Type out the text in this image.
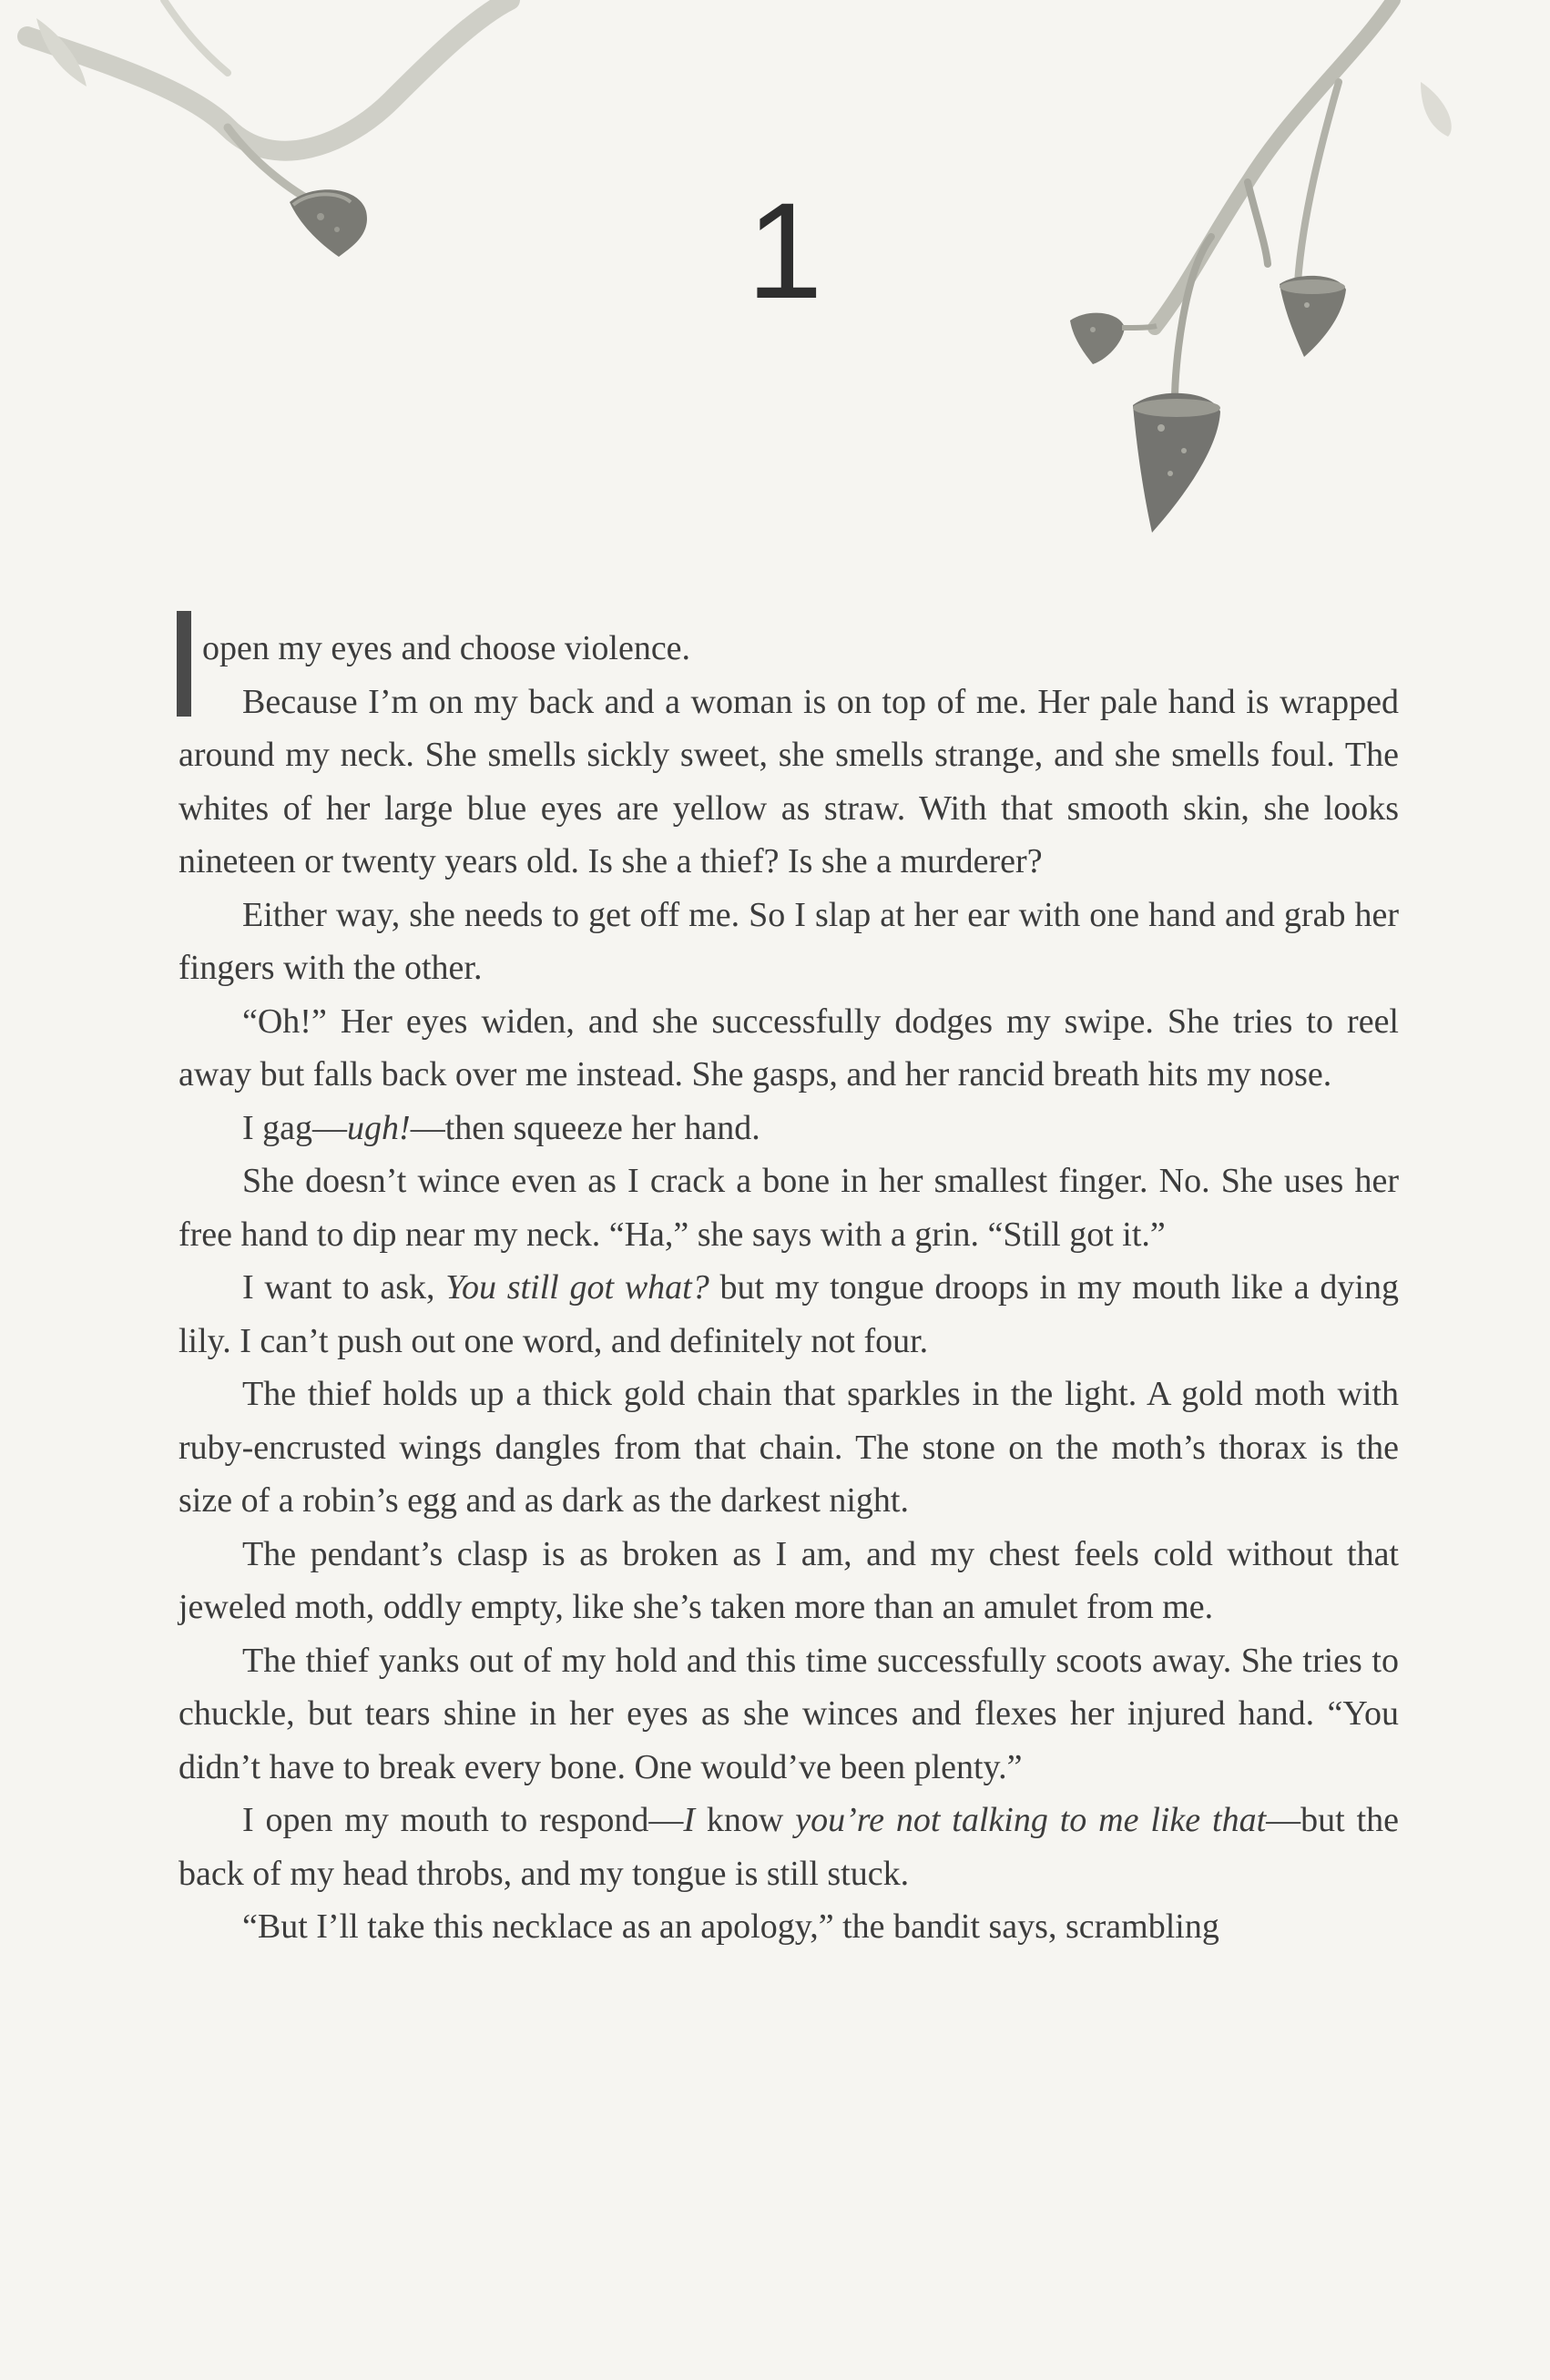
1

open my eyes and choose violence.

Because I’m on my back and a woman is on top of me. Her pale hand is wrapped around my neck. She smells sickly sweet, she smells strange, and she smells foul. The whites of her large blue eyes are yellow as straw. With that smooth skin, she looks nineteen or twenty years old. Is she a thief? Is she a murderer?

Either way, she needs to get off me. So I slap at her ear with one hand and grab her fingers with the other.

“Oh!” Her eyes widen, and she successfully dodges my swipe. She tries to reel away but falls back over me instead. She gasps, and her rancid breath hits my nose.

I gag—ugh!—then squeeze her hand.

She doesn’t wince even as I crack a bone in her smallest finger. No. She uses her free hand to dip near my neck. “Ha,” she says with a grin. “Still got it.”

I want to ask, You still got what? but my tongue droops in my mouth like a dying lily. I can’t push out one word, and definitely not four.

The thief holds up a thick gold chain that sparkles in the light. A gold moth with ruby-encrusted wings dangles from that chain. The stone on the moth’s thorax is the size of a robin’s egg and as dark as the darkest night.

The pendant’s clasp is as broken as I am, and my chest feels cold without that jeweled moth, oddly empty, like she’s taken more than an amulet from me.

The thief yanks out of my hold and this time successfully scoots away. She tries to chuckle, but tears shine in her eyes as she winces and flexes her injured hand. “You didn’t have to break every bone. One would’ve been plenty.”

I open my mouth to respond—I know you’re not talking to me like that—but the back of my head throbs, and my tongue is still stuck.

“But I’ll take this necklace as an apology,” the bandit says, scrambling
